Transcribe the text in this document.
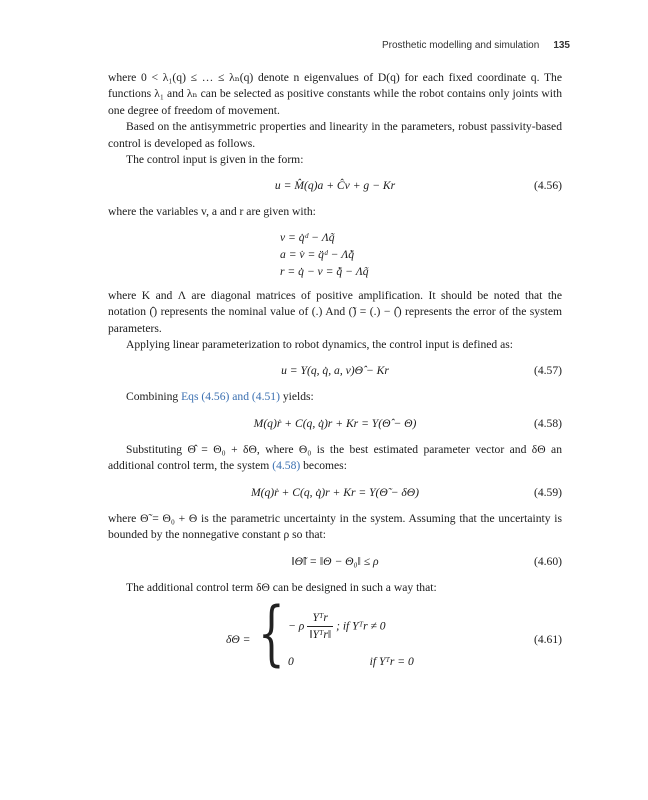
Prosthetic modelling and simulation 135

where 0 < λ₁(q) ≤ … ≤ λₙ(q) denote n eigenvalues of D(q) for each fixed coordinate q. The functions λ₁ and λₙ can be selected as positive constants while the robot contains only joints with one degree of freedom of movement.

Based on the antisymmetric properties and linearity in the parameters, robust passivity-based control is developed as follows.

The control input is given in the form:

u = M̂(q)a + Ĉv + g − Kr	(4.56)

where the variables v, a and r are given with:

v = q̇ᵈ − Λq̃
a = v̇ = q̈ᵈ − Λq̃̇
r = q̇ − v = q̃̇ − Λq̃

where K and Λ are diagonal matrices of positive amplification. It should be noted that the notation (̂) represents the nominal value of (.) And (̃) = (.) − (̂) represents the error of the system parameters.

Applying linear parameterization to robot dynamics, the control input is defined as:

u = Y(q, q̇, a, v)Θ̂ − Kr	(4.57)

Combining Eqs (4.56) and (4.51) yields:

M(q)ṙ + C(q, q̇)r + Kr = Y(Θ̂ − Θ)	(4.58)

Substituting Θ̂ = Θ₀ + δΘ, where Θ₀ is the best estimated parameter vector and δΘ an additional control term, the system (4.58) becomes:

M(q)ṙ + C(q, q̇)r + Kr = Y(Θ̃ − δΘ)	(4.59)

where Θ̃ = Θ₀ + Θ is the parametric uncertainty in the system. Assuming that the uncertainty is bounded by the nonnegative constant ρ so that:

‖Θ̃‖ = ‖Θ − Θ₀‖ ≤ ρ	(4.60)

The additional control term δΘ can be designed in such a way that:

δΘ = { − ρ $\frac{\text{Yᵀr}}{\text{‖Yᵀr‖}}$ ; if Yᵀr ≠ 0
0	if Yᵀr = 0
(4.61)
